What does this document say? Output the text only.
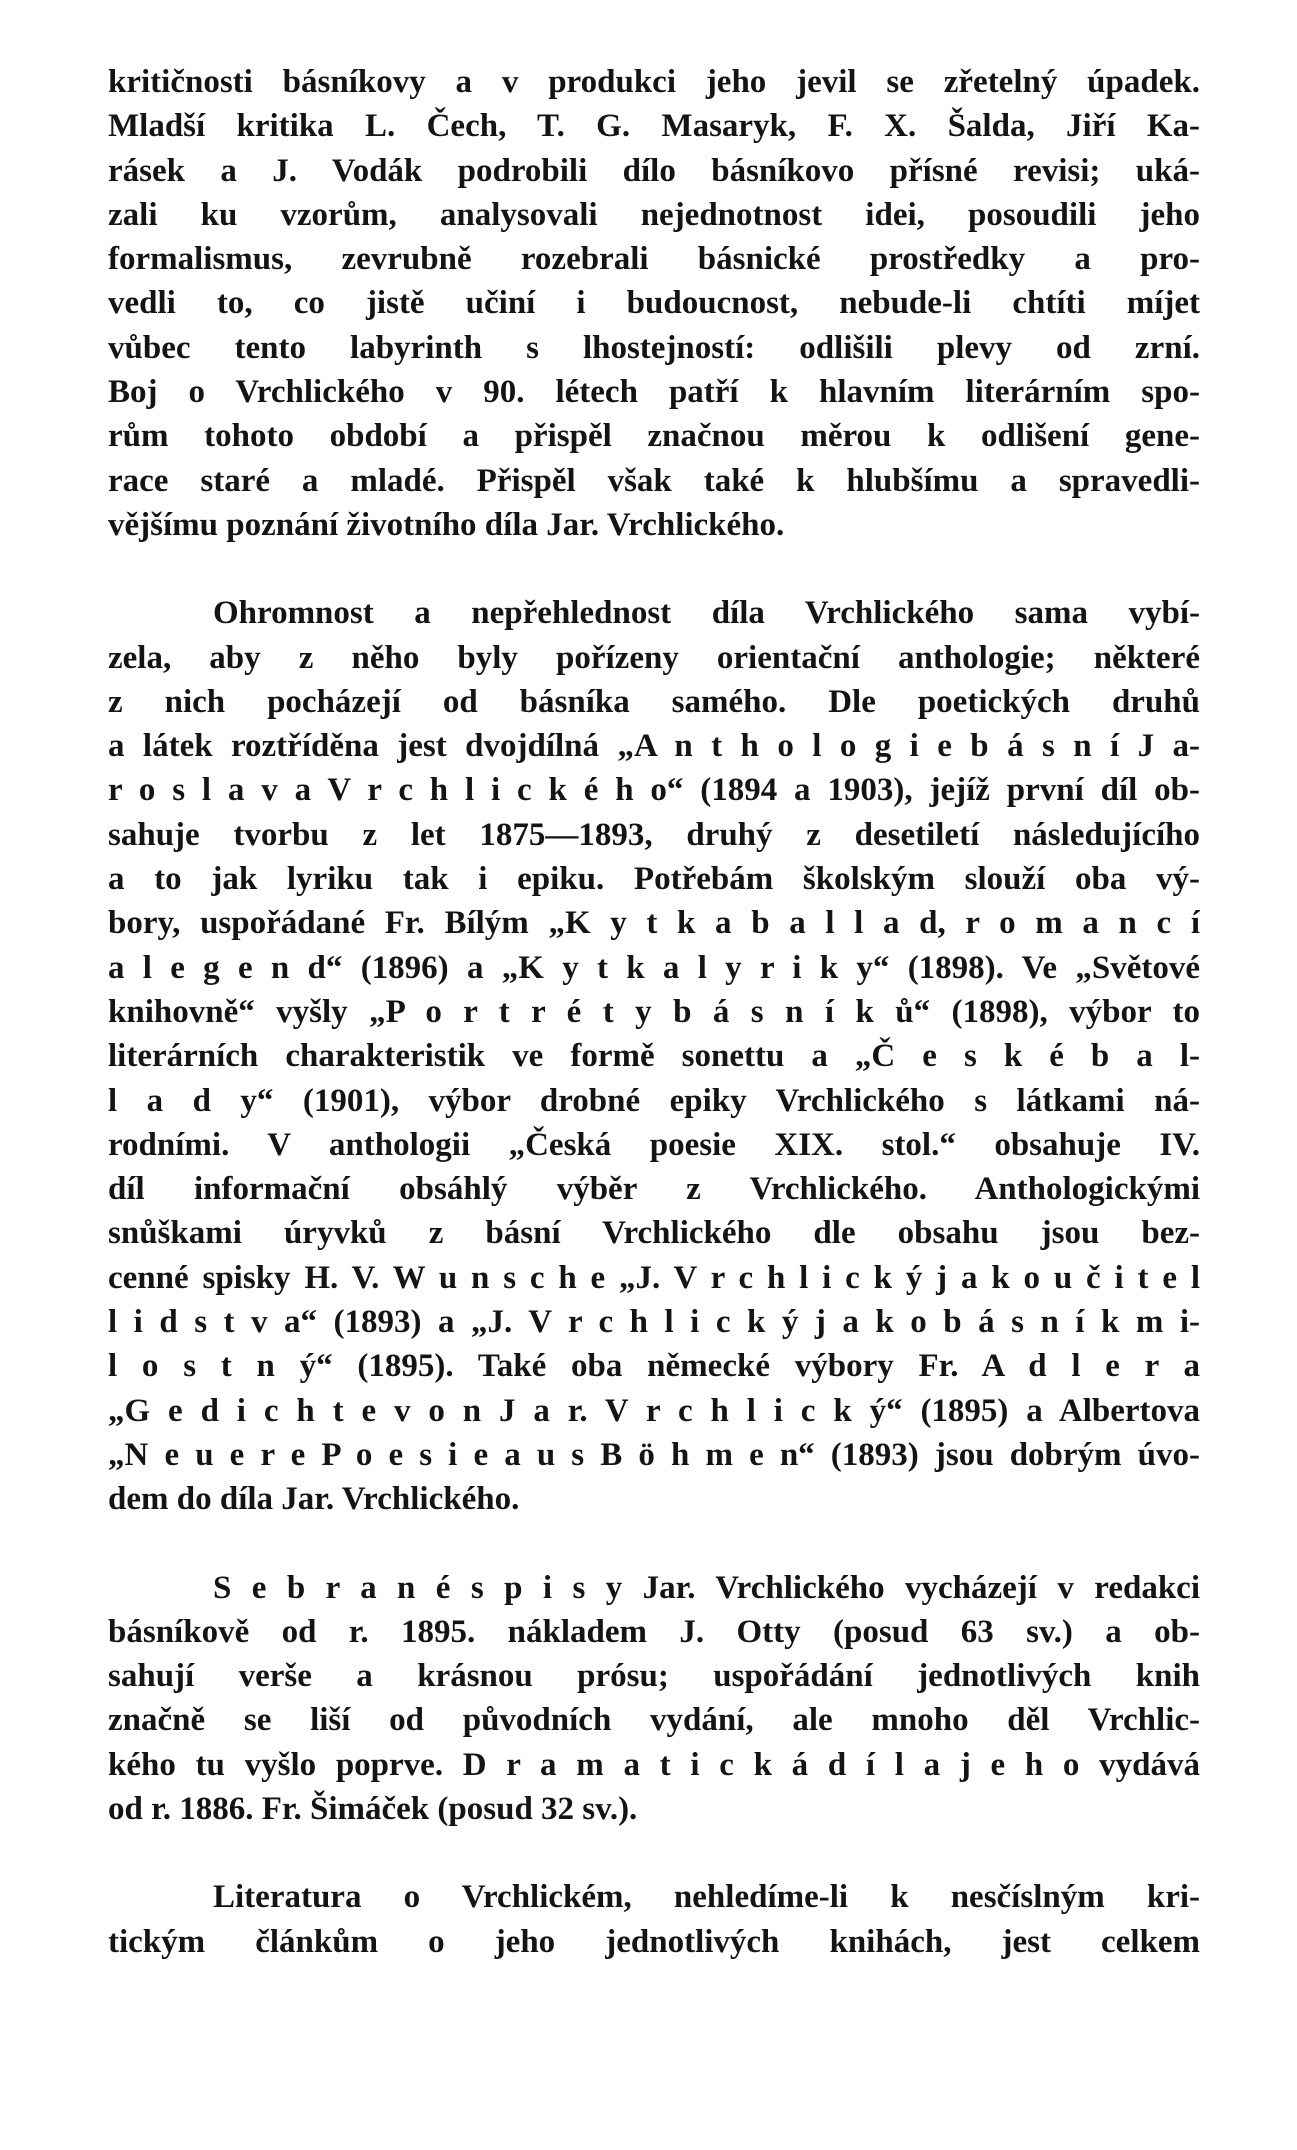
kritičnosti básníkovy a v produkci jeho jevil se zřetelný úpadek.
Mladší kritika L. Čech, T. G. Masaryk, F. X. Šalda, Jiří Ka-
rásek a J. Vodák podrobili dílo básníkovo přísné revisi; uká-
zali ku vzorům, analysovali nejednotnost idei, posoudili jeho
formalismus, zevrubně rozebrali básnické prostředky a pro-
vedli to, co jistě učiní i budoucnost, nebude-li chtíti míjet
vůbec tento labyrinth s lhostejností: odlišili plevy od zrní.
Boj o Vrchlického v 90. létech patří k hlavním literárním spo-
rům tohoto období a přispěl značnou měrou k odlišení gene-
race staré a mladé. Přispěl však také k hlubšímu a spravedli-
vějšímu poznání životního díla Jar. Vrchlického.
Ohromnost a nepřehlednost díla Vrchlického sama vybí-
zela, aby z něho byly pořízeny orientační anthologie; některé
z nich pocházejí od básníka samého. Dle poetických druhů
a látek roztříděna jest dvojdílná „A n t h o l o g i e b á s n í J a-
r o s l a v a V r c h l i c k é h o“ (1894 a 1903), jejíž první díl ob-
sahuje tvorbu z let 1875—1893, druhý z desetiletí následujícího
a to jak lyriku tak i epiku. Potřebám školským slouží oba vý-
bory, uspořádané Fr. Bílým „K y t k a b a l l a d, r o m a n c í
a l e g e n d“ (1896) a „K y t k a l y r i k y“ (1898). Ve „Světové
knihovně“ vyšly „P o r t r é t y b á s n í k ů“ (1898), výbor to
literárních charakteristik ve formě sonettu a „Č e s k é b a l-
l a d y“ (1901), výbor drobné epiky Vrchlického s látkami ná-
rodními. V anthologii „Česká poesie XIX. stol.“ obsahuje IV.
díl informační obsáhlý výběr z Vrchlického. Anthologickými
snůškami úryvků z básní Vrchlického dle obsahu jsou bez-
cenné spisky H. V. W u n s c h e „J. V r c h l i c k ý j a k o u č i t e l
l i d s t v a“ (1893) a „J. V r c h l i c k ý j a k o b á s n í k m i-
l o s t n ý“ (1895). Také oba německé výbory Fr. A d l e r a
„G e d i c h t e v o n J a r. V r c h l i c k ý“ (1895) a Albertova
„N e u e r e P o e s i e a u s B ö h m e n“ (1893) jsou dobrým úvo-
dem do díla Jar. Vrchlického.
S e b r a n é s p i s y Jar. Vrchlického vycházejí v redakci
básníkově od r. 1895. nákladem J. Otty (posud 63 sv.) a ob-
sahují verše a krásnou prósu; uspořádání jednotlivých knih
značně se liší od původních vydání, ale mnoho děl Vrchlic-
kého tu vyšlo poprve. D r a m a t i c k á d í l a j e h o vydává
od r. 1886. Fr. Šimáček (posud 32 sv.).
Literatura o Vrchlickém, nehledíme-li k nesčíslným kri-
tickým článkům o jeho jednotlivých knihách, jest celkem
